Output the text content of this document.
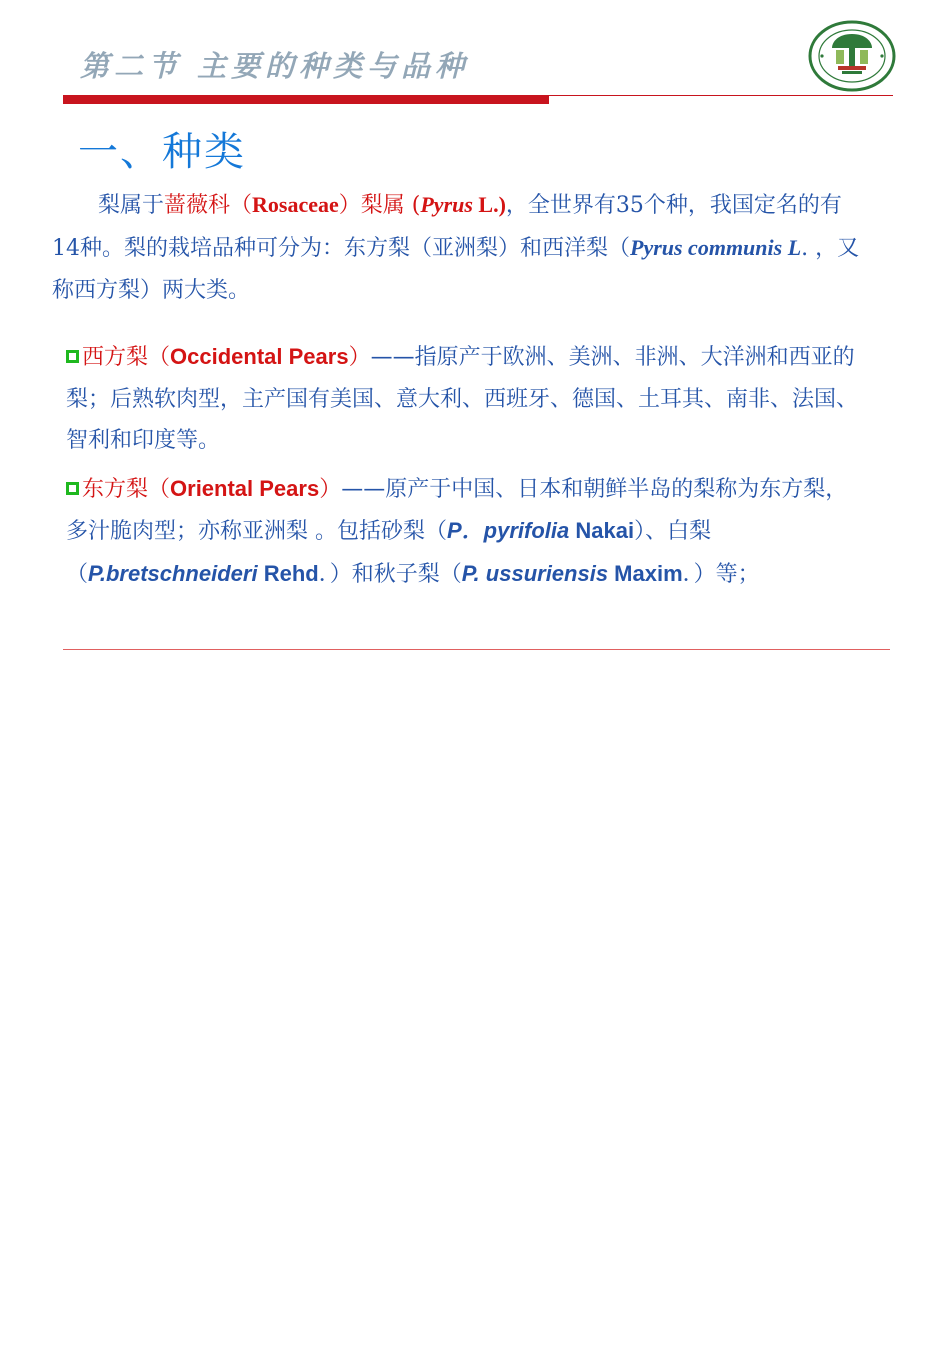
第二节 主要的种类与品种
一、种类

梨属于蔷薇科（Rosaceae）梨属 (Pyrus L.)，全世界有35个种，我国定名的有14种。梨的栽培品种可分为：东方梨（亚洲梨）和西洋梨（Pyrus communis L. ，又称西方梨）两大类。

西方梨（Occidental Pears）——指原产于欧洲、美洲、非洲、大洋洲和西亚的梨；后熟软肉型，主产国有美国、意大利、西班牙、德国、土耳其、南非、法国、智利和印度等。

东方梨（Oriental Pears）——原产于中国、日本和朝鲜半岛的梨称为东方梨，多汁脆肉型；亦称亚洲梨 。包括砂梨（P．pyrifolia Nakai）、白梨（P.bretschneideri Rehd．）和秋子梨（P. ussuriensis Maxim．）等；
